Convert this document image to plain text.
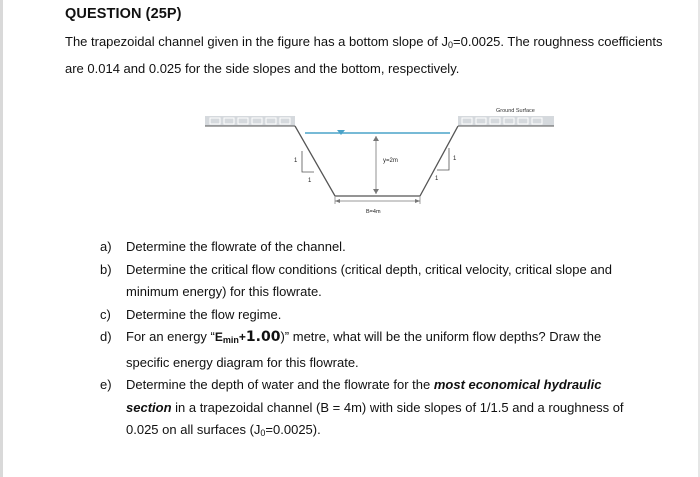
QUESTION (25P)
The trapezoidal channel given in the figure has a bottom slope of $J_0=0.0025$. The roughness coefficients are 0.014 and 0.025 for the side slopes and the bottom, respectively.
Ground Surface
y=2m
1
1
1
1
B=4m
a) Determine the flowrate of the channel.
b) Determine the critical flow conditions (critical depth, critical velocity, critical slope and minimum energy) for this flowrate.
c) Determine the flow regime.
d) For an energy “$E_{min}+1.00$)” metre, what will be the uniform flow depths? Draw the specific energy diagram for this flowrate.
e) Determine the depth of water and the flowrate for the most economical hydraulic section in a trapezoidal channel (B = 4m) with side slopes of 1/1.5 and a roughness of 0.025 on all surfaces $(J_0=0.0025)$.
